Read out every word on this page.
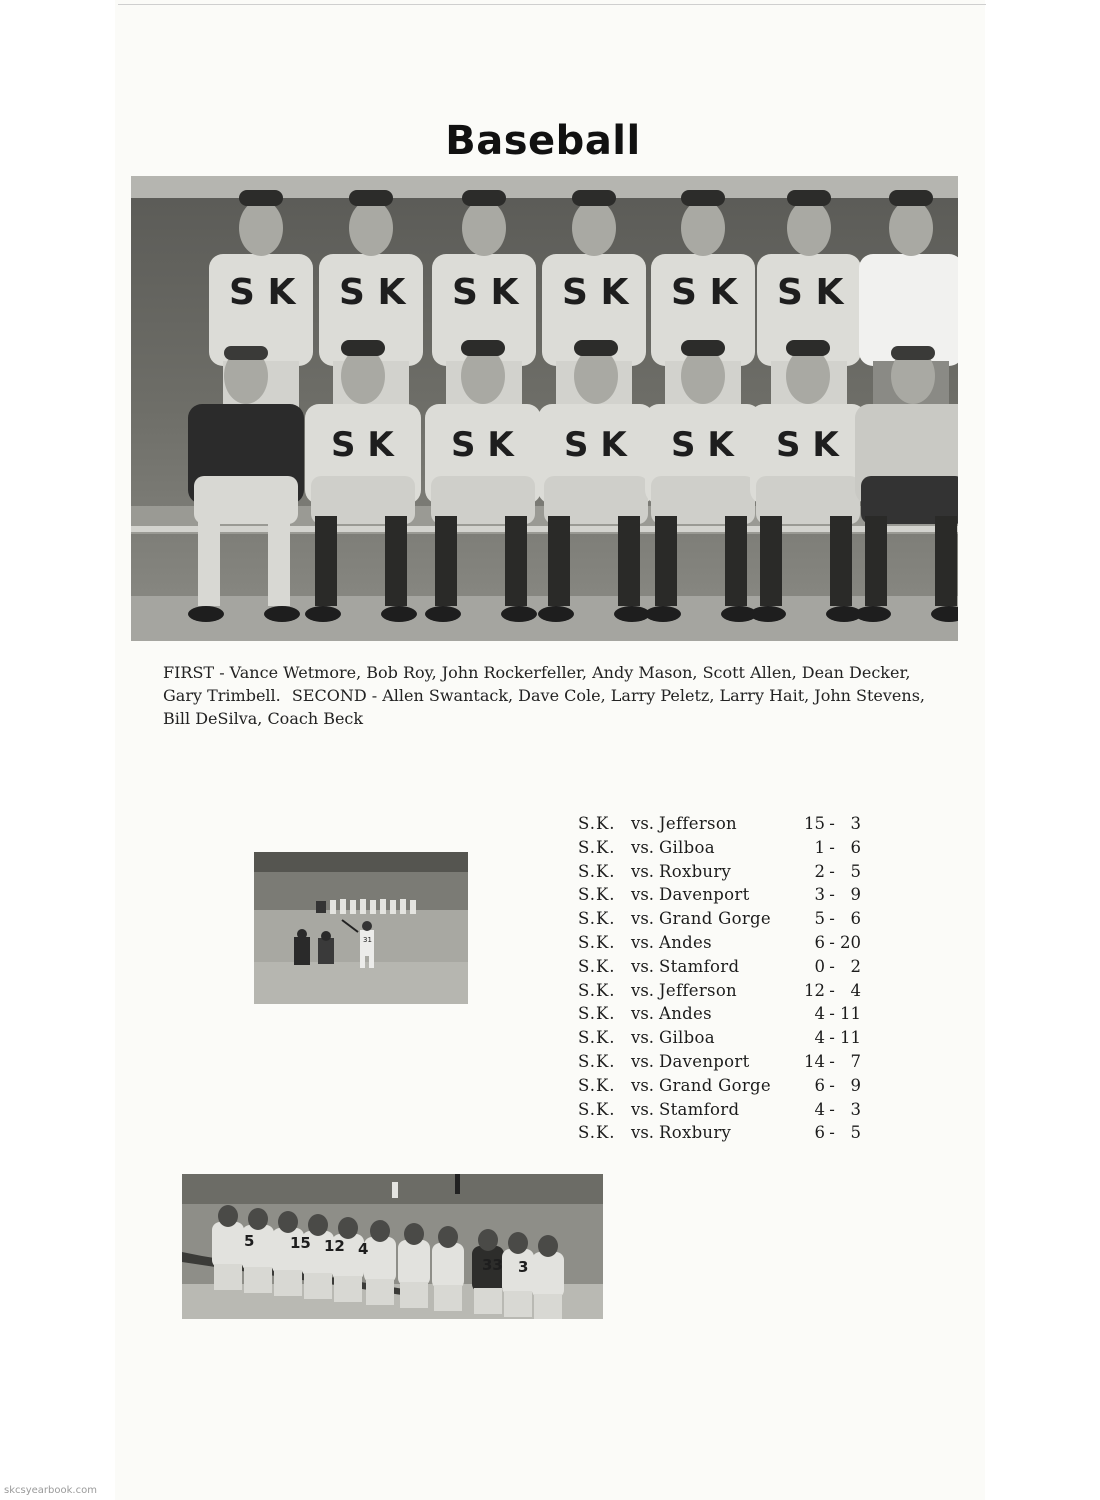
Baseball
S K S K S K S K S K S K
S K S K S K S K S K
FIRST - Vance Wetmore, Bob Roy, John Rockerfeller, Andy Mason, Scott Allen, Dean Decker, Gary Trimbell. SECOND - Allen Swantack, Dave Cole, Larry Peletz, Larry Hait, John Stevens, Bill DeSilva, Coach Beck
31
S.K. vs. Jefferson	15 - 3
S.K. vs. Gilboa	1 - 6
S.K. vs. Roxbury	2 - 5
S.K. vs. Davenport	3 - 9
S.K. vs. Grand Gorge	5 - 6
S.K. vs. Andes	6 - 20
S.K. vs. Stamford	0 - 2
S.K. vs. Jefferson	12 - 4
S.K. vs. Andes	4 - 11
S.K. vs. Gilboa	4 - 11
S.K. vs. Davenport	14 - 7
S.K. vs. Grand Gorge	6 - 9
S.K. vs. Stamford	4 - 3
S.K. vs. Roxbury	6 - 5
5 15 12 4
33 3
skcsyearbook.com
